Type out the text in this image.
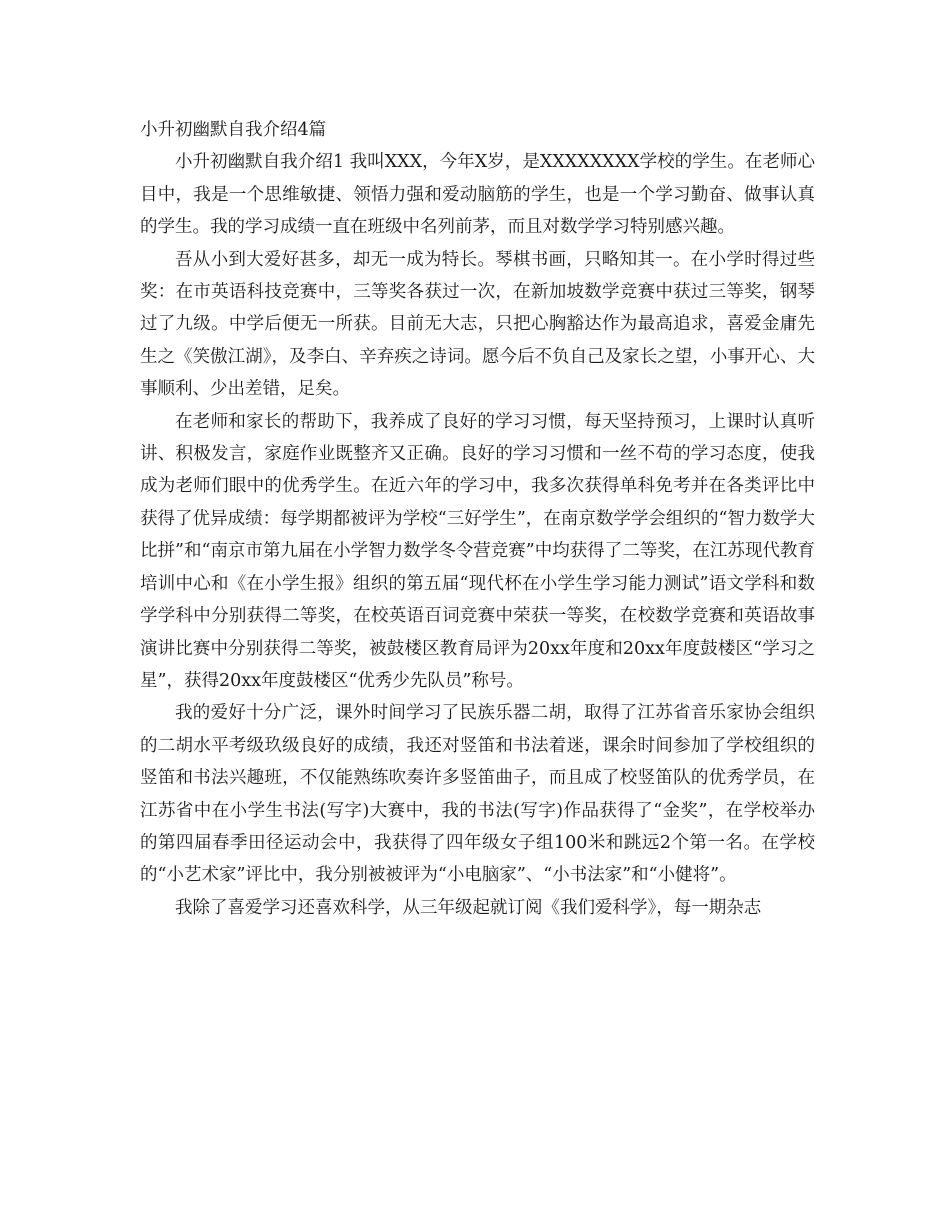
小升初幽默自我介绍4篇

小升初幽默自我介绍1 我叫XXX，今年X岁，是XXXXXXXX学校的学生。在老师心目中，我是一个思维敏捷、领悟力强和爱动脑筋的学生，也是一个学习勤奋、做事认真的学生。我的学习成绩一直在班级中名列前茅，而且对数学学习特别感兴趣。

吾从小到大爱好甚多，却无一成为特长。琴棋书画，只略知其一。在小学时得过些奖：在市英语科技竞赛中，三等奖各获过一次，在新加坡数学竞赛中获过三等奖，钢琴过了九级。中学后便无一所获。目前无大志，只把心胸豁达作为最高追求，喜爱金庸先生之《笑傲江湖》，及李白、辛弃疾之诗词。愿今后不负自己及家长之望，小事开心、大事顺利、少出差错，足矣。

在老师和家长的帮助下，我养成了良好的学习习惯，每天坚持预习，上课时认真听讲、积极发言，家庭作业既整齐又正确。良好的学习习惯和一丝不苟的学习态度，使我成为老师们眼中的优秀学生。在近六年的学习中，我多次获得单科免考并在各类评比中获得了优异成绩：每学期都被评为学校“三好学生”，在南京数学学会组织的“智力数学大比拼”和“南京市第九届在小学智力数学冬令营竞赛”中均获得了二等奖，在江苏现代教育培训中心和《在小学生报》组织的第五届“现代杯在小学生学习能力测试”语文学科和数学学科中分别获得二等奖，在校英语百词竞赛中荣获一等奖，在校数学竞赛和英语故事演讲比赛中分别获得二等奖，被鼓楼区教育局评为20xx年度和20xx年度鼓楼区“学习之星”，获得20xx年度鼓楼区“优秀少先队员”称号。

我的爱好十分广泛，课外时间学习了民族乐器二胡，取得了江苏省音乐家协会组织的二胡水平考级玖级良好的成绩，我还对竖笛和书法着迷，课余时间参加了学校组织的竖笛和书法兴趣班，不仅能熟练吹奏许多竖笛曲子，而且成了校竖笛队的优秀学员，在江苏省中在小学生书法(写字)大赛中，我的书法(写字)作品获得了“金奖”，在学校举办的第四届春季田径运动会中，我获得了四年级女子组100米和跳远2个第一名。在学校的“小艺术家”评比中，我分别被被评为“小电脑家”、“小书法家”和“小健将”。

我除了喜爱学习还喜欢科学，从三年级起就订阅《我们爱科学》，每一期杂志
